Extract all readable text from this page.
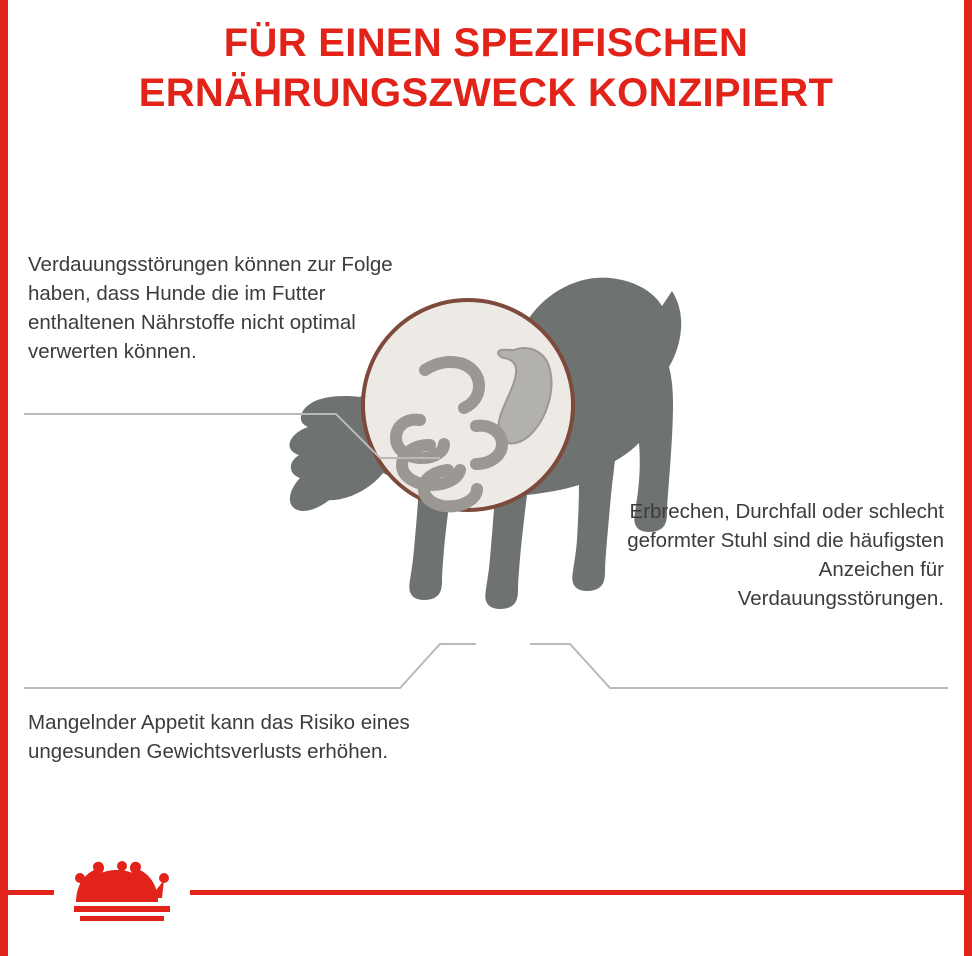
FÜR EINEN SPEZIFISCHEN
ERNÄHRUNGSZWECK KONZIPIERT
Verdauungsstörungen können zur Folge haben, dass Hunde die im Futter enthaltenen Nährstoffe nicht optimal verwerten können.
Erbrechen, Durchfall oder schlecht geformter Stuhl sind die häufigsten Anzeichen für Verdauungsstörungen.
Mangelnder Appetit kann das Risiko eines ungesunden Gewichtsverlusts erhöhen.
